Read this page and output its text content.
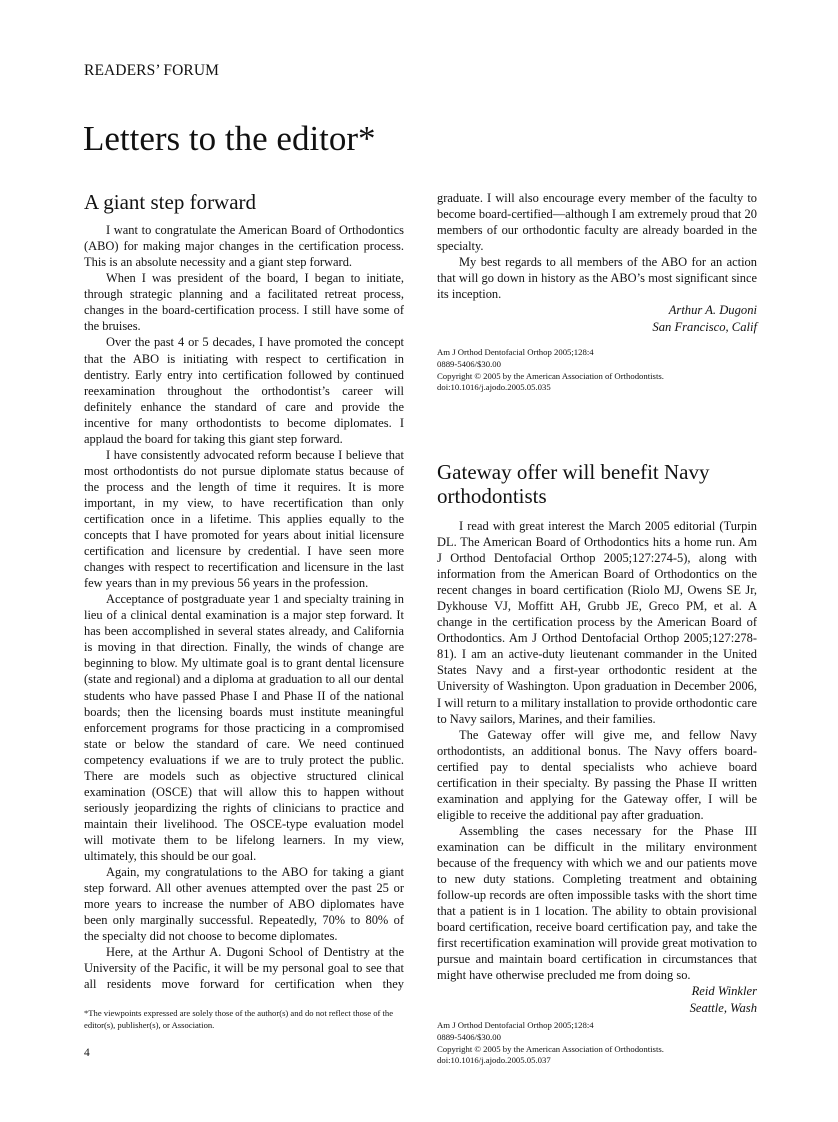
READERS’ FORUM
Letters to the editor*
A giant step forward

I want to congratulate the American Board of Orthodontics (ABO) for making major changes in the certification process. This is an absolute necessity and a giant step forward.

When I was president of the board, I began to initiate, through strategic planning and a facilitated retreat process, changes in the board-certification process. I still have some of the bruises.

Over the past 4 or 5 decades, I have promoted the concept that the ABO is initiating with respect to certification in dentistry. Early entry into certification followed by continued reexamination throughout the orthodontist’s career will definitely enhance the standard of care and provide the incentive for many orthodontists to become diplomates. I applaud the board for taking this giant step forward.

I have consistently advocated reform because I believe that most orthodontists do not pursue diplomate status because of the process and the length of time it requires. It is more important, in my view, to have recertification than only certification once in a lifetime. This applies equally to the concepts that I have promoted for years about initial licensure certification and licensure by credential. I have seen more changes with respect to recertification and licensure in the last few years than in my previous 56 years in the profession.

Acceptance of postgraduate year 1 and specialty training in lieu of a clinical dental examination is a major step forward. It has been accomplished in several states already, and California is moving in that direction. Finally, the winds of change are beginning to blow. My ultimate goal is to grant dental licensure (state and regional) and a diploma at graduation to all our dental students who have passed Phase I and Phase II of the national boards; then the licensing boards must institute meaningful enforcement programs for those practicing in a compromised state or below the standard of care. We need continued competency evaluations if we are to truly protect the public. There are models such as objective structured clinical examination (OSCE) that will allow this to happen without seriously jeopardizing the rights of clinicians to practice and maintain their livelihood. The OSCE-type evaluation model will motivate them to be lifelong learners. In my view, ultimately, this should be our goal.

Again, my congratulations to the ABO for taking a giant step forward. All other avenues attempted over the past 25 or more years to increase the number of ABO diplomates have been only marginally successful. Repeatedly, 70% to 80% of the specialty did not choose to become diplomates.

Here, at the Arthur A. Dugoni School of Dentistry at the University of the Pacific, it will be my personal goal to see that all residents move forward for certification when they

graduate. I will also encourage every member of the faculty to become board-certified—although I am extremely proud that 20 members of our orthodontic faculty are already boarded in the specialty.

My best regards to all members of the ABO for an action that will go down in history as the ABO’s most significant since its inception.

Arthur A. Dugoni
San Francisco, Calif
Am J Orthod Dentofacial Orthop 2005;128:4
0889-5406/$30.00
Copyright © 2005 by the American Association of Orthodontists.
doi:10.1016/j.ajodo.2005.05.035
Gateway offer will benefit Navy orthodontists

I read with great interest the March 2005 editorial (Turpin DL. The American Board of Orthodontics hits a home run. Am J Orthod Dentofacial Orthop 2005;127:274-5), along with information from the American Board of Orthodontics on the recent changes in board certification (Riolo MJ, Owens SE Jr, Dykhouse VJ, Moffitt AH, Grubb JE, Greco PM, et al. A change in the certification process by the American Board of Orthodontics. Am J Orthod Dentofacial Orthop 2005;127:278-81). I am an active-duty lieutenant commander in the United States Navy and a first-year orthodontic resident at the University of Washington. Upon graduation in December 2006, I will return to a military installation to provide orthodontic care to Navy sailors, Marines, and their families.

The Gateway offer will give me, and fellow Navy orthodontists, an additional bonus. The Navy offers board-certified pay to dental specialists who achieve board certification in their specialty. By passing the Phase II written examination and applying for the Gateway offer, I will be eligible to receive the additional pay after graduation.

Assembling the cases necessary for the Phase III examination can be difficult in the military environment because of the frequency with which we and our patients move to new duty stations. Completing treatment and obtaining follow-up records are often impossible tasks with the short time that a patient is in 1 location. The ability to obtain provisional board certification, receive board certification pay, and take the first recertification examination will provide great motivation to pursue and maintain board certification in circumstances that might have otherwise precluded me from doing so.

Reid Winkler
Seattle, Wash
Am J Orthod Dentofacial Orthop 2005;128:4
0889-5406/$30.00
Copyright © 2005 by the American Association of Orthodontists.
doi:10.1016/j.ajodo.2005.05.037
*The viewpoints expressed are solely those of the author(s) and do not reflect those of the editor(s), publisher(s), or Association.
4
